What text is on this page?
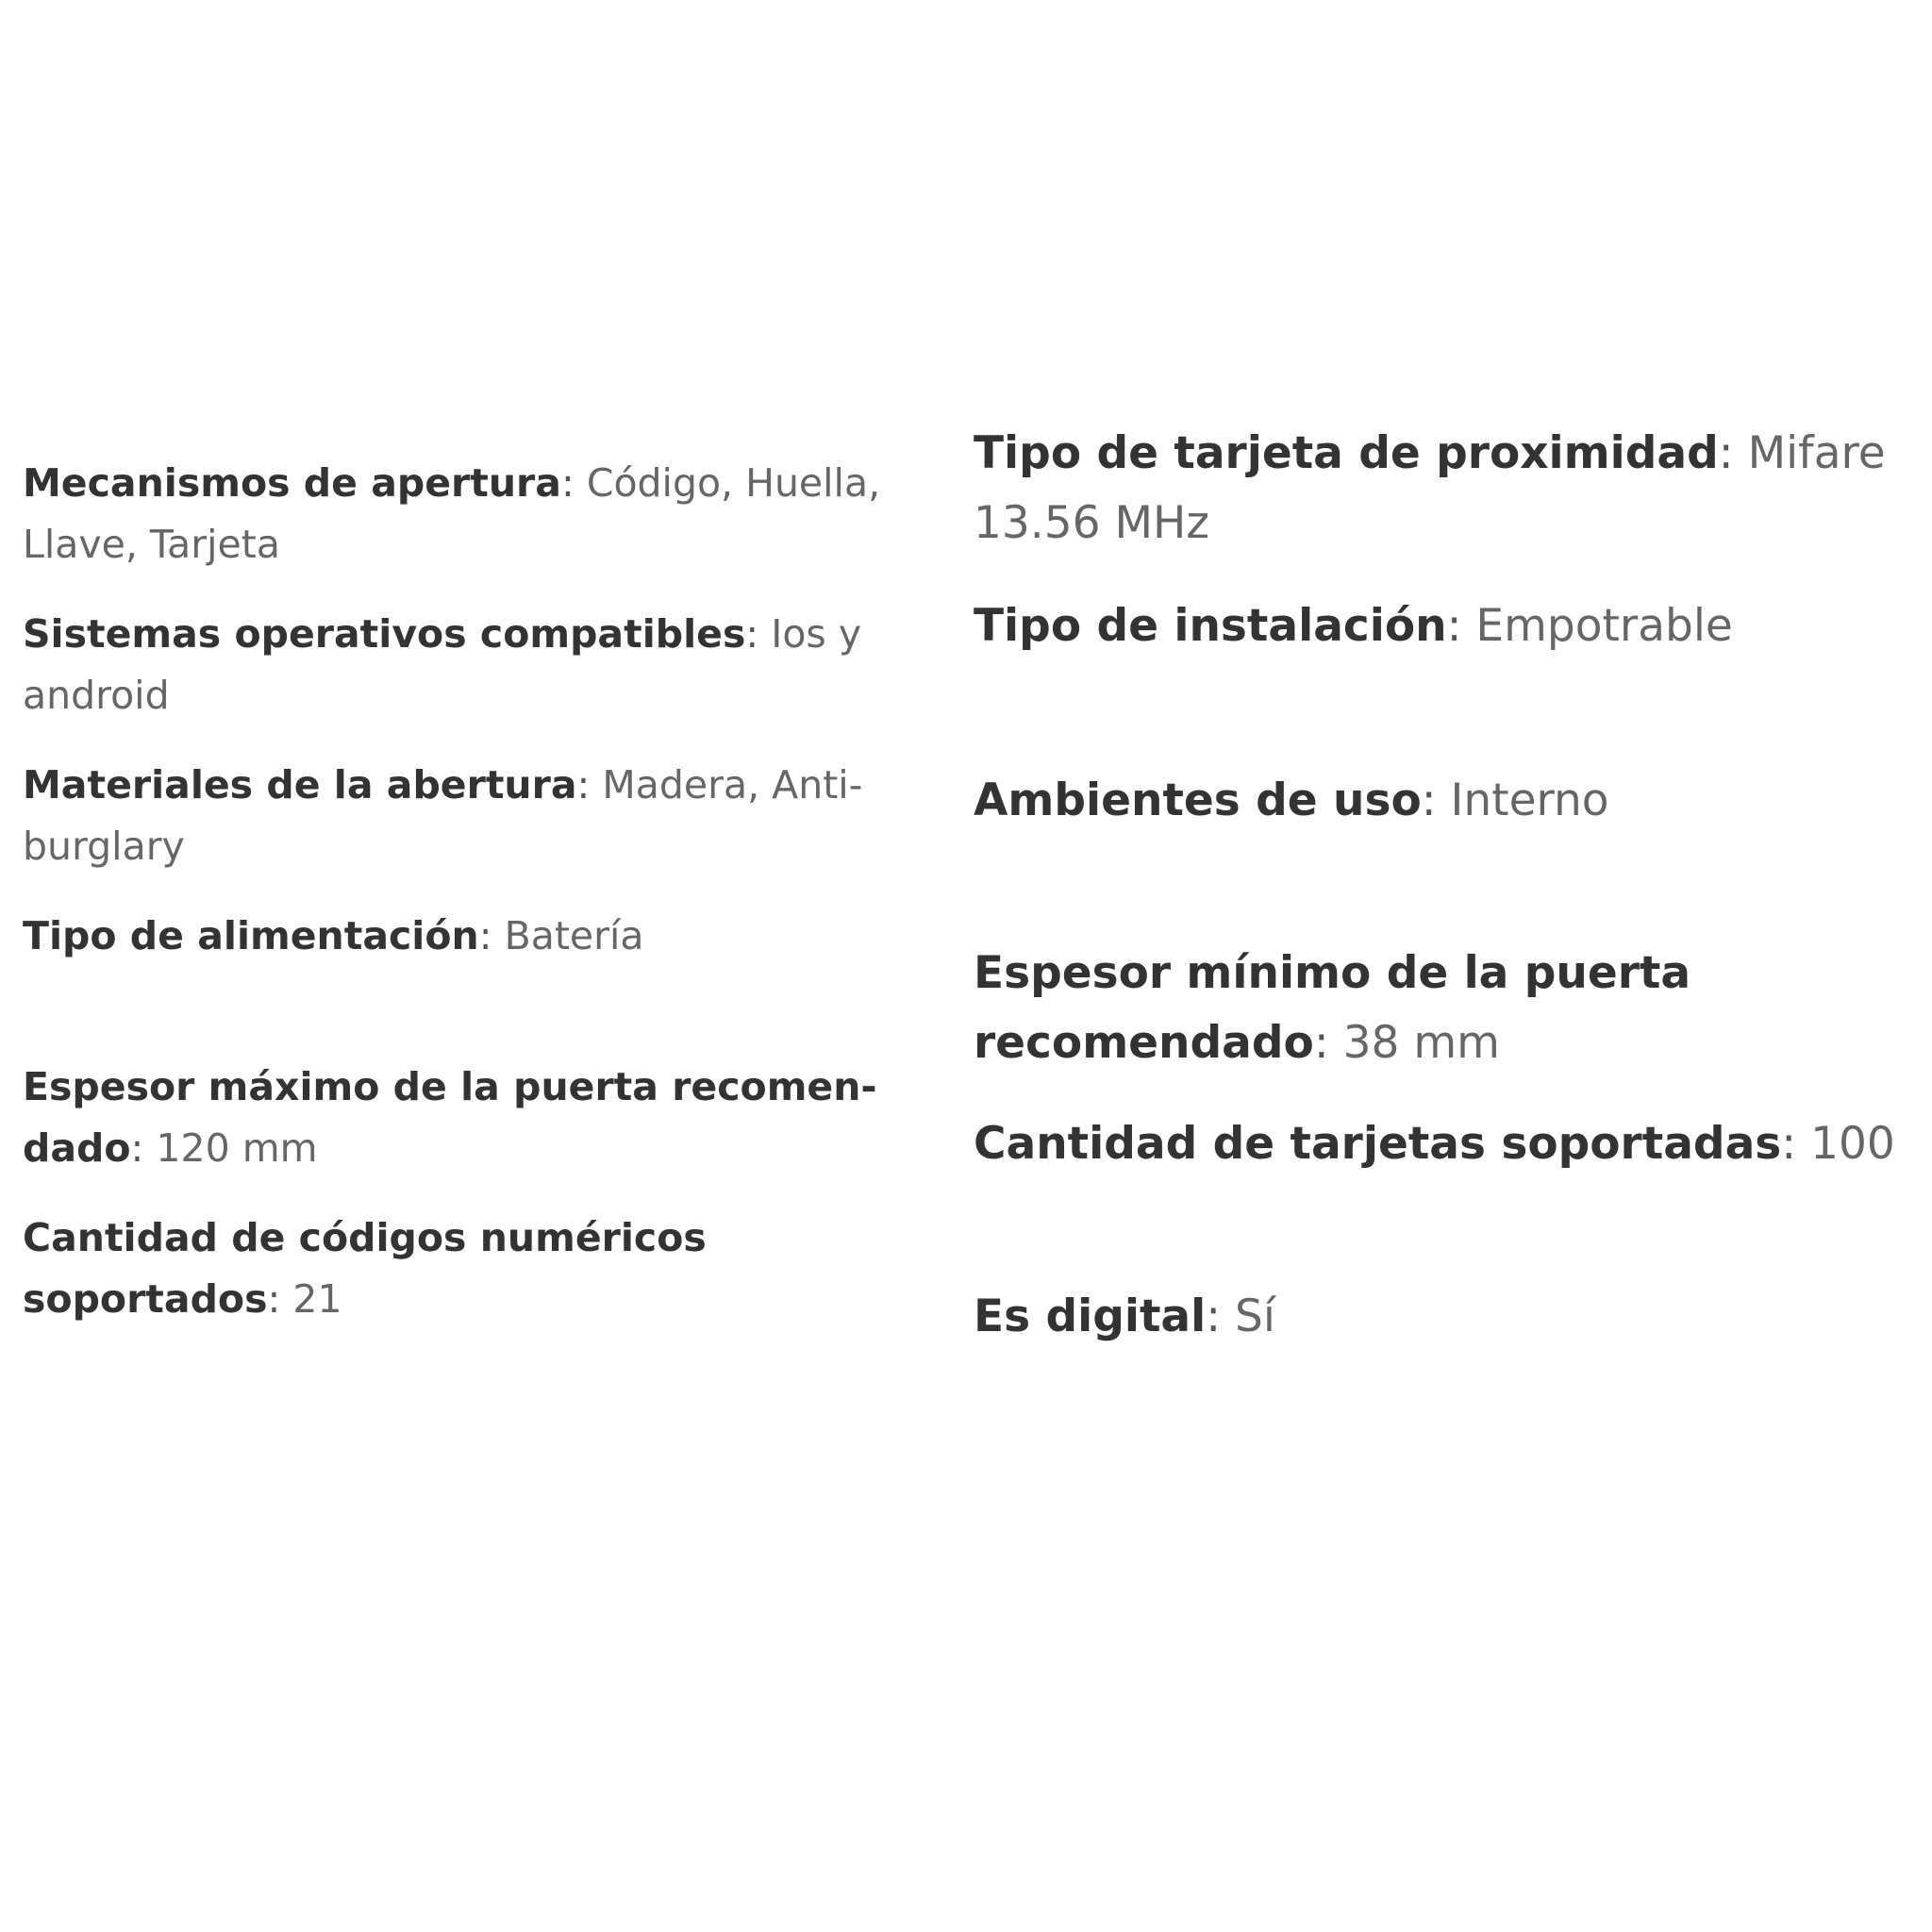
Mecanismos de apertura: Código, Huella, Llave, Tarjeta

Sistemas operativos compatibles: Ios y android

Materiales de la abertura: Madera, Anti-burglary

Tipo de alimentación: Batería

Espesor máximo de la puerta recomendado: 120 mm

Cantidad de códigos numéricos soportados: 21

Tipo de tarjeta de proximidad: Mifare 13.56 MHz

Tipo de instalación: Empotrable

Ambientes de uso: Interno

Espesor mínimo de la puerta recomendado: 38 mm

Cantidad de tarjetas soportadas: 100

Es digital: Sí
